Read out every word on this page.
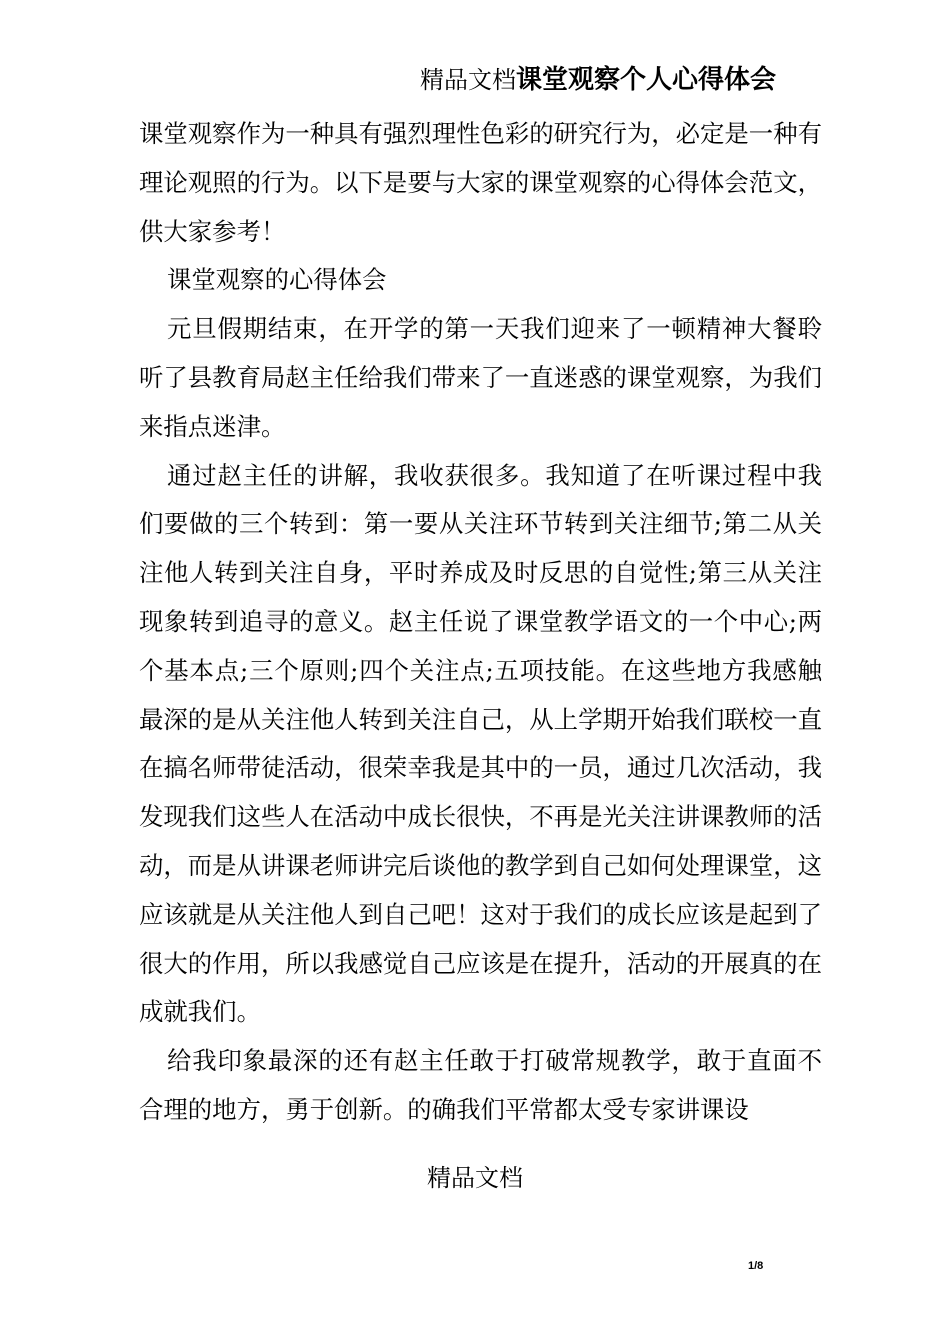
精品文档课堂观察个人心得体会

课堂观察作为一种具有强烈理性色彩的研究行为，必定是一种有理论观照的行为。以下是要与大家的课堂观察的心得体会范文，供大家参考！

课堂观察的心得体会

元旦假期结束，在开学的第一天我们迎来了一顿精神大餐聆听了县教育局赵主任给我们带来了一直迷惑的课堂观察，为我们来指点迷津。

通过赵主任的讲解，我收获很多。我知道了在听课过程中我们要做的三个转到：第一要从关注环节转到关注细节;第二从关注他人转到关注自身，平时养成及时反思的自觉性;第三从关注现象转到追寻的意义。赵主任说了课堂教学语文的一个中心;两个基本点;三个原则;四个关注点;五项技能。在这些地方我感触最深的是从关注他人转到关注自己，从上学期开始我们联校一直在搞名师带徒活动，很荣幸我是其中的一员，通过几次活动，我发现我们这些人在活动中成长很快，不再是光关注讲课教师的活动，而是从讲课老师讲完后谈他的教学到自己如何处理课堂，这应该就是从关注他人到自己吧！这对于我们的成长应该是起到了很大的作用，所以我感觉自己应该是在提升，活动的开展真的在成就我们。

给我印象最深的还有赵主任敢于打破常规教学，敢于直面不合理的地方，勇于创新。的确我们平常都太受专家讲课设

精品文档
1/8
